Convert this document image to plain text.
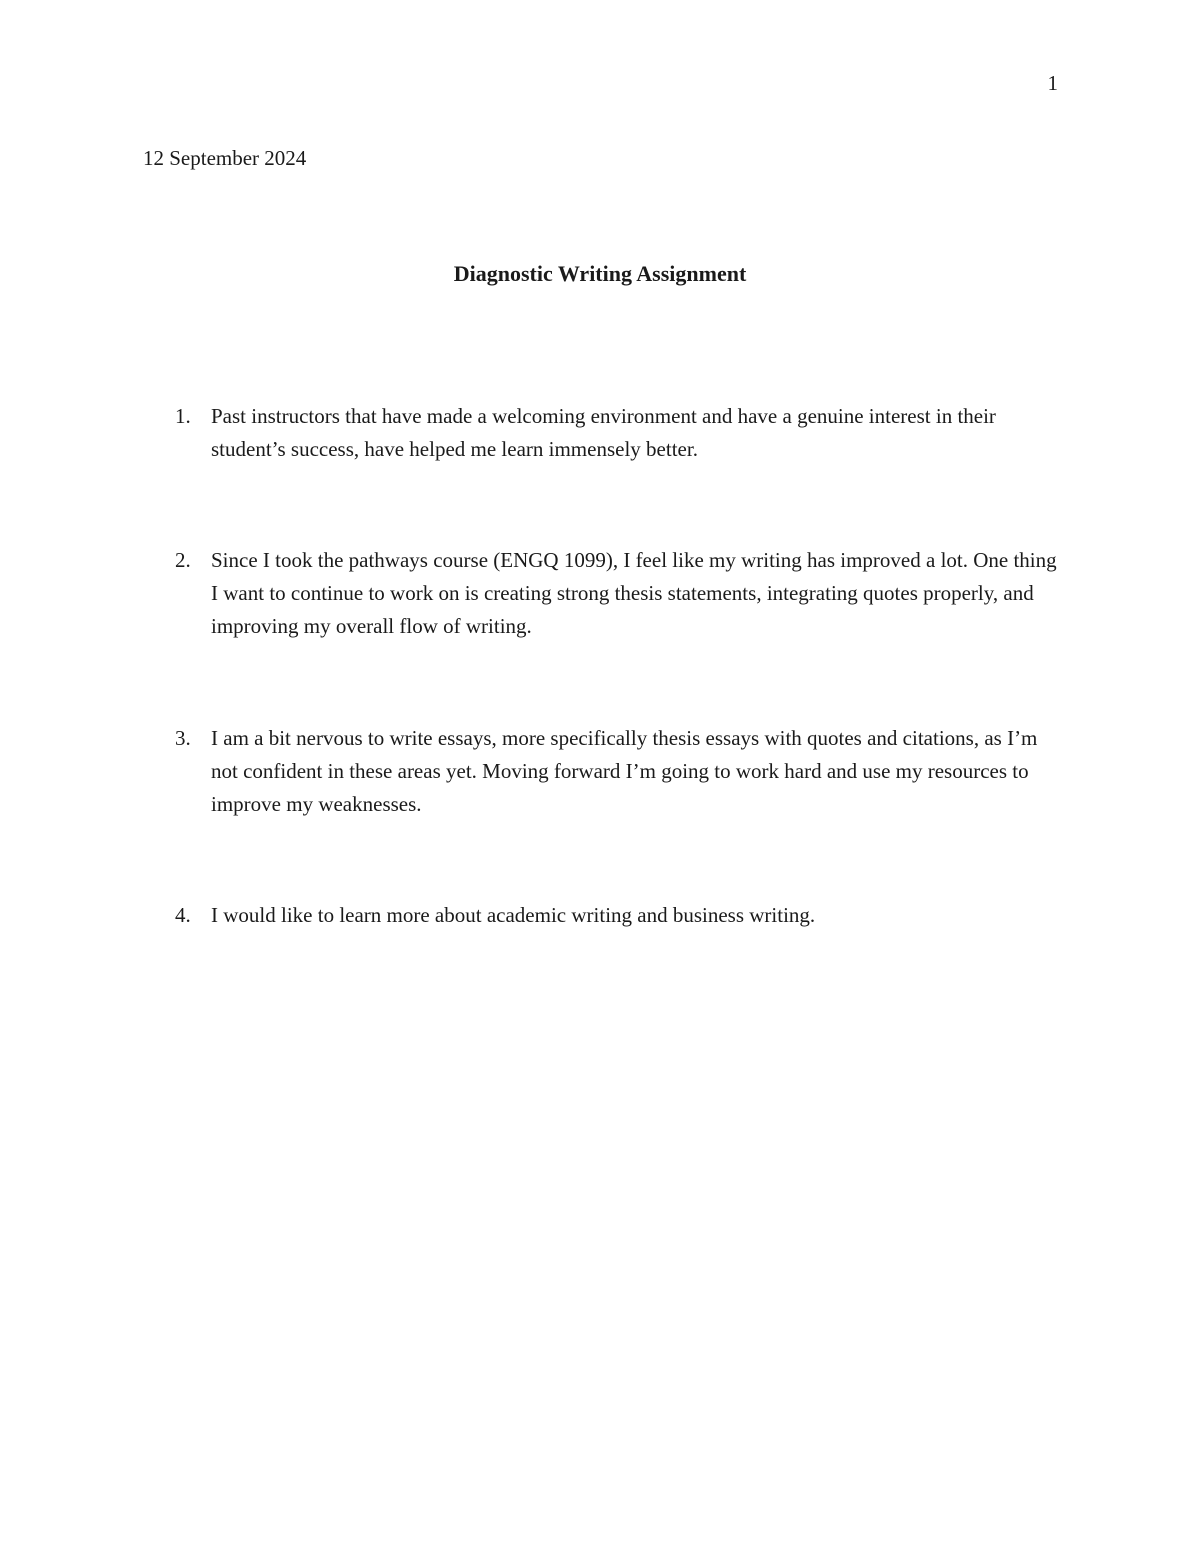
1
12 September 2024
Diagnostic Writing Assignment
1. Past instructors that have made a welcoming environment and have a genuine interest in their student’s success, have helped me learn immensely better.
2. Since I took the pathways course (ENGQ 1099), I feel like my writing has improved a lot. One thing I want to continue to work on is creating strong thesis statements, integrating quotes properly, and improving my overall flow of writing.
3. I am a bit nervous to write essays, more specifically thesis essays with quotes and citations, as I’m not confident in these areas yet. Moving forward I’m going to work hard and use my resources to improve my weaknesses.
4. I would like to learn more about academic writing and business writing.
